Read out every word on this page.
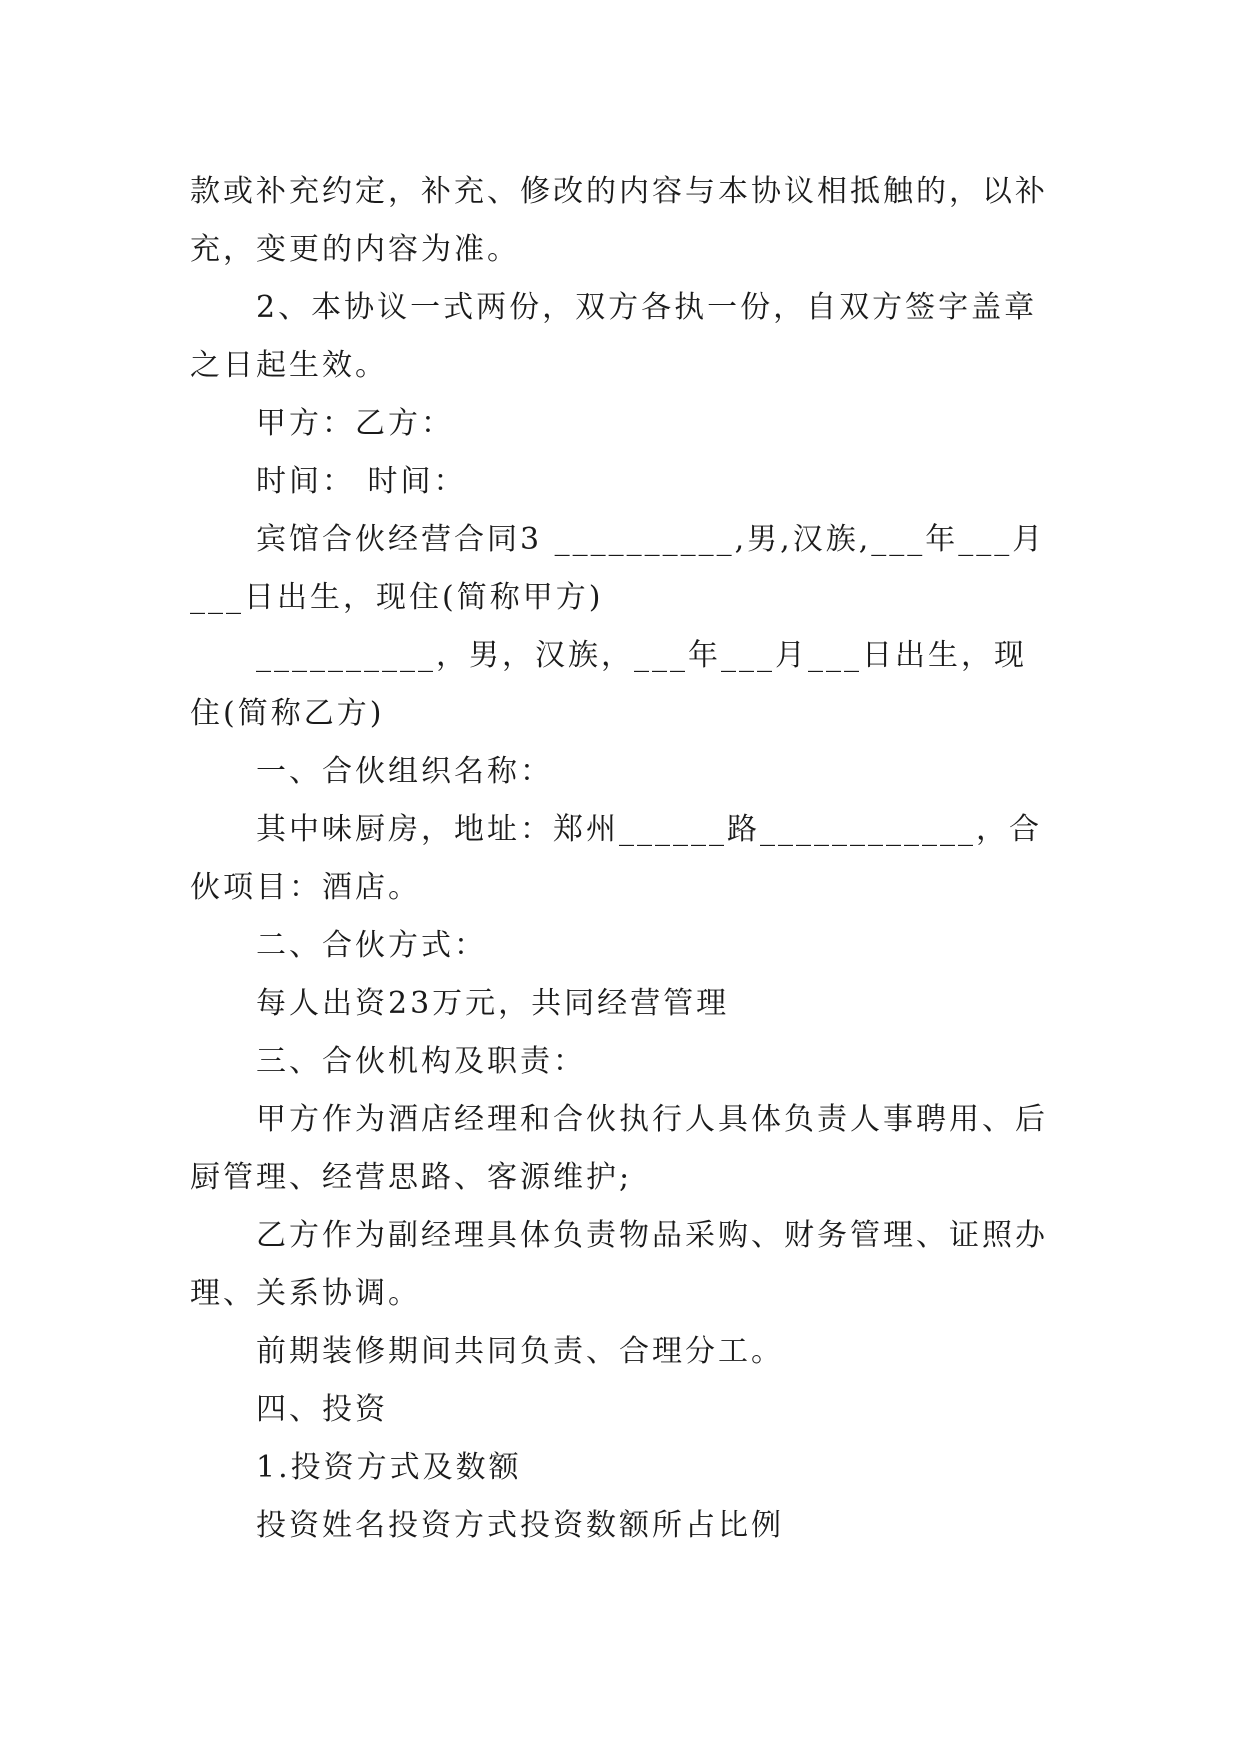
款或补充约定，补充、修改的内容与本协议相抵触的，以补充，变更的内容为准。

2、本协议一式两份，双方各执一份，自双方签字盖章之日起生效。

甲方：乙方：

时间： 时间：

宾馆合伙经营合同3 __________,男,汉族,___年___月___日出生，现住(简称甲方)

__________，男，汉族，___年___月___日出生，现住(简称乙方)

一、合伙组织名称：

其中味厨房，地址：郑州______路____________，合伙项目：酒店。

二、合伙方式：

每人出资23万元，共同经营管理

三、合伙机构及职责：

甲方作为酒店经理和合伙执行人具体负责人事聘用、后厨管理、经营思路、客源维护;

乙方作为副经理具体负责物品采购、财务管理、证照办理、关系协调。

前期装修期间共同负责、合理分工。

四、投资

1.投资方式及数额

投资姓名投资方式投资数额所占比例
